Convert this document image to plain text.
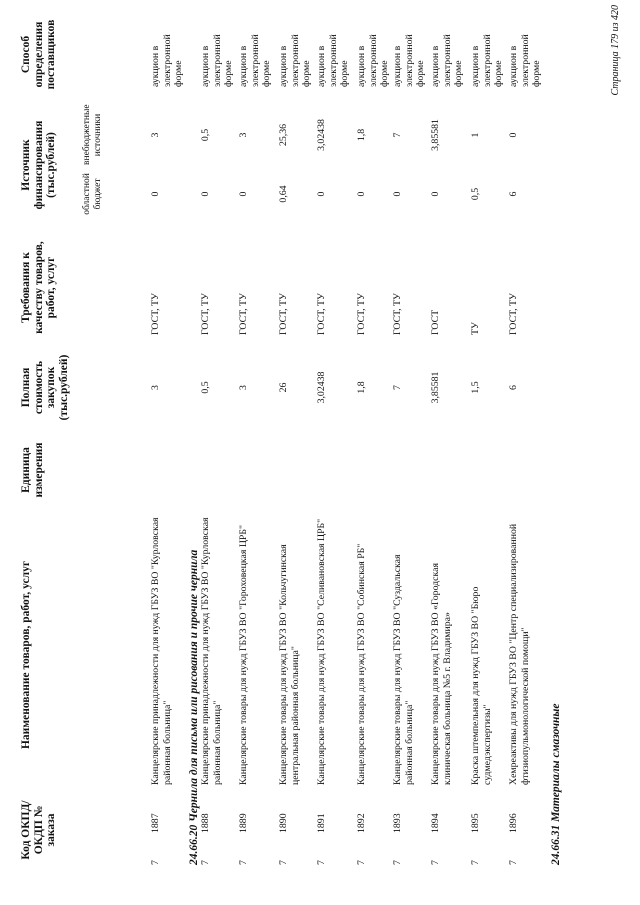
Код ОКПД/ ОКДП № заказа
Наименование товаров, работ, услуг
Единица измерения
Полная стоимость закупок (тыс.рублей)
Требования к качеству товаров, работ, услуг
Источник финансирования (тыс.рублей)	областной бюджет
внебюджетные источники
Способ определения поставщиков
7
1887
Канцелярские принадлежности для нужд ГБУЗ ВО "Курловская районная больница"
3
ГОСТ, ТУ
0
3
аукцион в электронной форме
24.66.20 Чернила для письма или рисования и прочие чернила 7
1888
Канцелярские принадлежности для нужд ГБУЗ ВО "Курловская районная больница"
0,5
ГОСТ, ТУ
0
0,5
аукцион в электронной форме
7
1889
Канцелярские товары для нужд ГБУЗ ВО "Гороховецкая ЦРБ"
3
ГОСТ, ТУ
0
3
аукцион в электронной форме
7
1890
Канцелярские товары для нужд ГБУЗ ВО "Кольчугинская центральная районная больница"
26
ГОСТ, ТУ
0,64
25,36
аукцион в электронной форме
7
1891
Канцелярские товары для нужд ГБУЗ ВО "Селивановская ЦРБ"
3,02438
ГОСТ, ТУ
0
3,02438
аукцион в электронной форме
7
1892
Канцелярские товары для нужд ГБУЗ ВО "Собинская РБ"
1,8
ГОСТ, ТУ
0
1,8
аукцион в электронной форме
7
1893
Канцелярские товары для нужд ГБУЗ ВО "Суздальская районная больница"
7
ГОСТ, ТУ
0
7
аукцион в электронной форме
7
1894
Канцелярские товары для нужд ГБУЗ ВО «Городская клиническая больница №5 г. Владимира»
3,85581
ГОСТ
0
3,85581
аукцион в электронной форме
7
1895
Краска штемпельная для нужд ГБУЗ ВО "Бюро судмедэкспертизы"
1,5
ТУ
0,5
1
аукцион в электронной форме
7
1896
Хемреактивы для нужд ГБУЗ ВО "Центр специализированной фтизиопульмонологической помощи"
6
ГОСТ, ТУ
6
0
аукцион в электронной форме
24.66.31 Материалы смазочные
Страница 179 из 420
